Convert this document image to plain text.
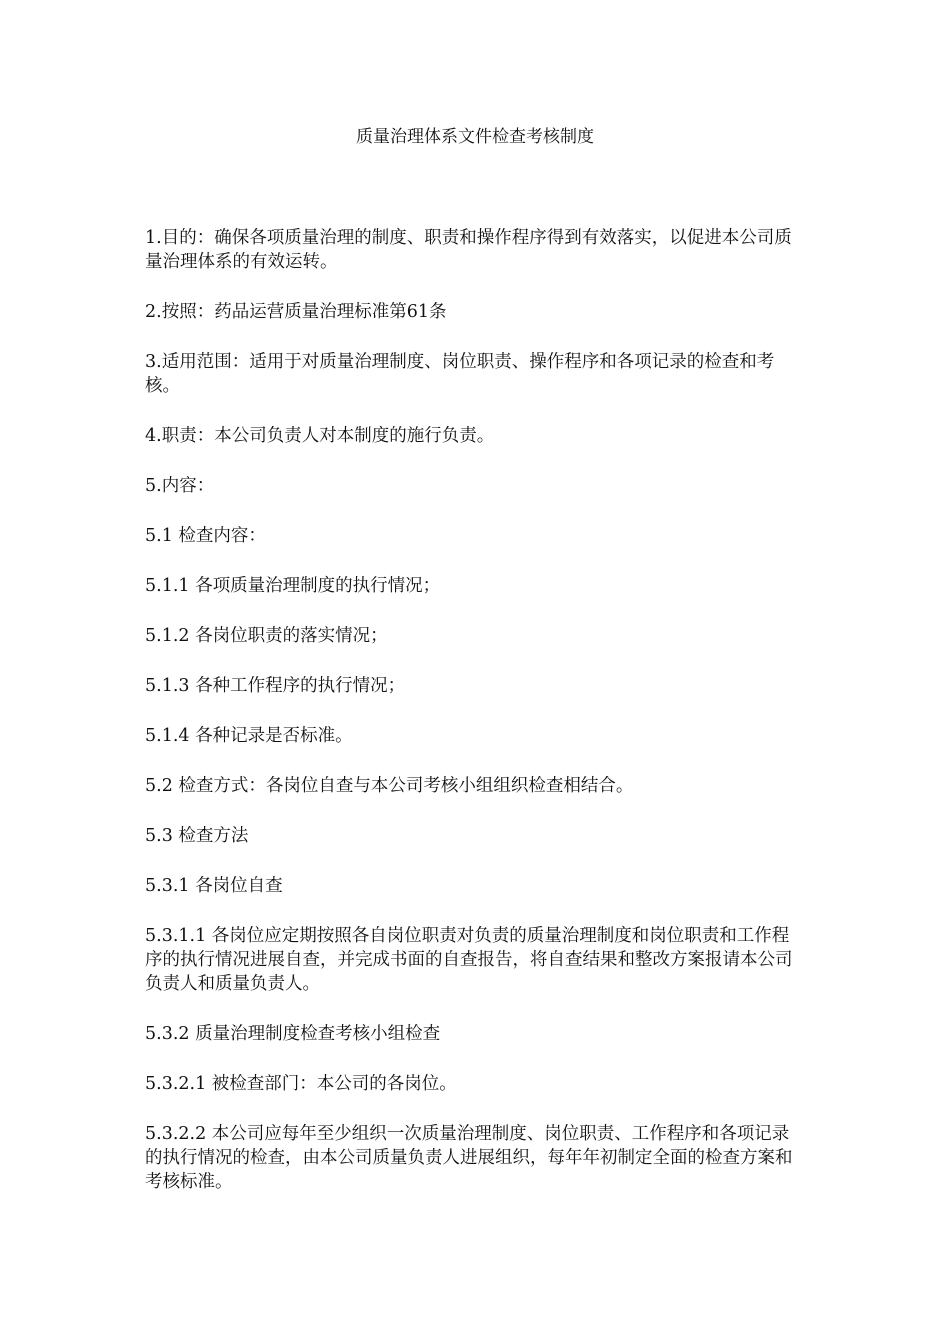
质量治理体系文件检查考核制度

1.目的：确保各项质量治理的制度、职责和操作程序得到有效落实，以促进本公司质量治理体系的有效运转。

2.按照：药品运营质量治理标准第61条

3.适用范围：适用于对质量治理制度、岗位职责、操作程序和各项记录的检查和考核。

4.职责：本公司负责人对本制度的施行负责。

5.内容：

5.1 检查内容：

5.1.1 各项质量治理制度的执行情况；

5.1.2 各岗位职责的落实情况；

5.1.3 各种工作程序的执行情况；

5.1.4 各种记录是否标准。

5.2 检查方式：各岗位自查与本公司考核小组组织检查相结合。

5.3 检查方法

5.3.1 各岗位自查

5.3.1.1 各岗位应定期按照各自岗位职责对负责的质量治理制度和岗位职责和工作程序的执行情况进展自查，并完成书面的自查报告，将自查结果和整改方案报请本公司负责人和质量负责人。

5.3.2 质量治理制度检查考核小组检查

5.3.2.1 被检查部门：本公司的各岗位。

5.3.2.2 本公司应每年至少组织一次质量治理制度、岗位职责、工作程序和各项记录的执行情况的检查，由本公司质量负责人进展组织，每年年初制定全面的检查方案和考核标准。
